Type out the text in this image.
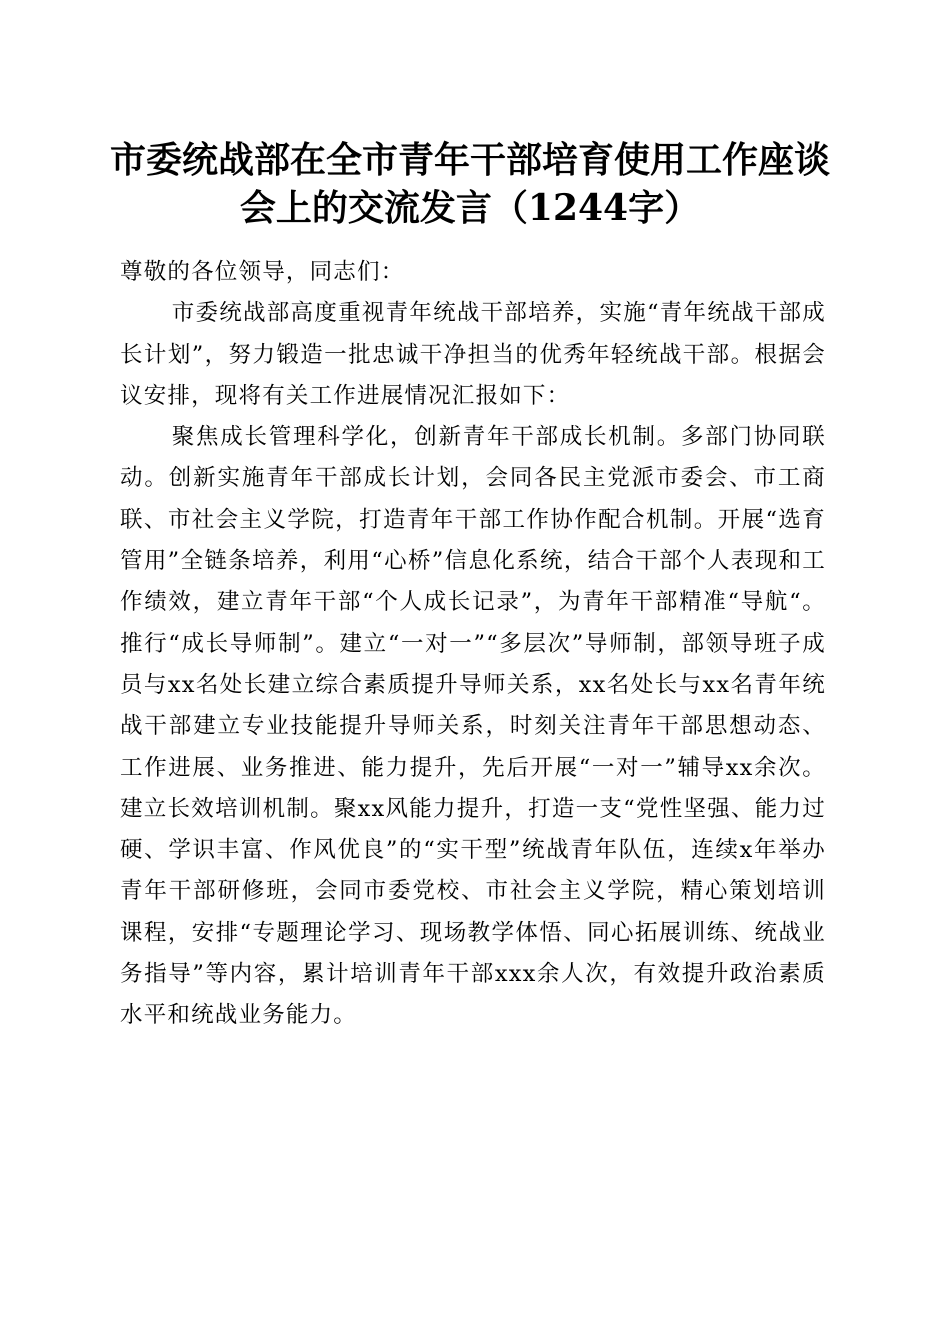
市委统战部在全市青年干部培育使用工作座谈
会上的交流发言（1244字）

尊敬的各位领导，同志们：

市委统战部高度重视青年统战干部培养，实施“青年统战干部成长计划”，努力锻造一批忠诚干净担当的优秀年轻统战干部。根据会议安排，现将有关工作进展情况汇报如下：

聚焦成长管理科学化，创新青年干部成长机制。多部门协同联动。创新实施青年干部成长计划，会同各民主党派市委会、市工商联、市社会主义学院，打造青年干部工作协作配合机制。开展“选育管用”全链条培养，利用“心桥”信息化系统，结合干部个人表现和工作绩效，建立青年干部“个人成长记录”，为青年干部精准“导航“。推行“成长导师制”。建立“一对一”“多层次”导师制，部领导班子成员与xx名处长建立综合素质提升导师关系，xx名处长与xx名青年统战干部建立专业技能提升导师关系，时刻关注青年干部思想动态、工作进展、业务推进、能力提升，先后开展“一对一”辅导xx余次。建立长效培训机制。聚xx风能力提升，打造一支“党性坚强、能力过硬、学识丰富、作风优良”的“实干型”统战青年队伍，连续x年举办青年干部研修班，会同市委党校、市社会主义学院，精心策划培训课程，安排“专题理论学习、现场教学体悟、同心拓展训练、统战业务指导”等内容，累计培训青年干部xxx余人次，有效提升政治素质水平和统战业务能力。
